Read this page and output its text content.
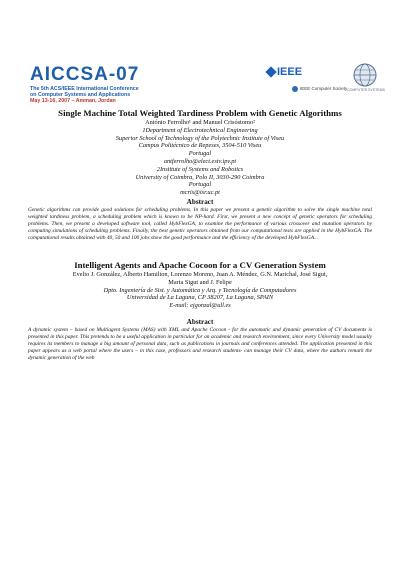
AICCSA-07
The 5th ACS/IEEE International Conference
on Computer Systems and Applications
May 13-16, 2007 – Amman, Jordan
IEEE
IEEE Computer Society COMPUTER SYSTEMS
Single Machine Total Weighted Tardiness Problem with Genetic Algorithms
António Ferrolho¹ and Manuel Crisóstomo²
1Department of Electrotechnical Engineering
Superior School of Technology of the Polytechnic Institute of Viseu
Campus Politécnico de Repeses, 3504-510 Viseu
Portugal
antferrolho@elect.estv.ipv.pt
2Institute of Systems and Robotics
University of Coimbra, Polo II, 3030-290 Coimbra
Portugal
mcris@isr.uc.pt
Abstract
Genetic algorithms can provide good solutions for scheduling problems. In this paper we present a genetic algorithm to solve the single machine total weighted tardiness problem, a scheduling problem which is known to be NP-hard. First, we present a new concept of genetic operators for scheduling problems. Then, we present a developed software tool, called HybFlexGA, to examine the performance of various crossover and mutation operators by computing simulations of scheduling problems. Finally, the best genetic operators obtained from our computational tests are applied in the HybFlexGA. The computational results obtained with 40, 50 and 100 jobs show the good performance and the efficiency of the developed HybFlexGA...
Intelligent Agents and Apache Cocoon for a CV Generation System
Evelio J. González, Alberto Hamilton, Lorenzo Moreno, Juan A. Méndez, G.N. Marichal, José Sigut,
Marta Sigut and J. Felipe
Dpto. Ingeniería de Sist. y Automática y Arq. y Tecnología de Computadores
Universidad de La Laguna, CP 38207, La Laguna, SPAIN
E-mail: ejgonzal@ull.es
Abstract
A dynamic system – based on Multiagent Systems (MAS) with XML and Apache Cocoon - for the automatic and dynamic generation of CV documents is presented in this paper. This pretends to be a useful application in particular for an academic and research environment, since every University model usually requires its members to manage a big amount of personal data, such as publications in journals and conferences attended. The application presented in this paper appears as a web portal where the users – in this case, professors and research students- can manage their CV data, where the authors remark the dynamic generation of the web
